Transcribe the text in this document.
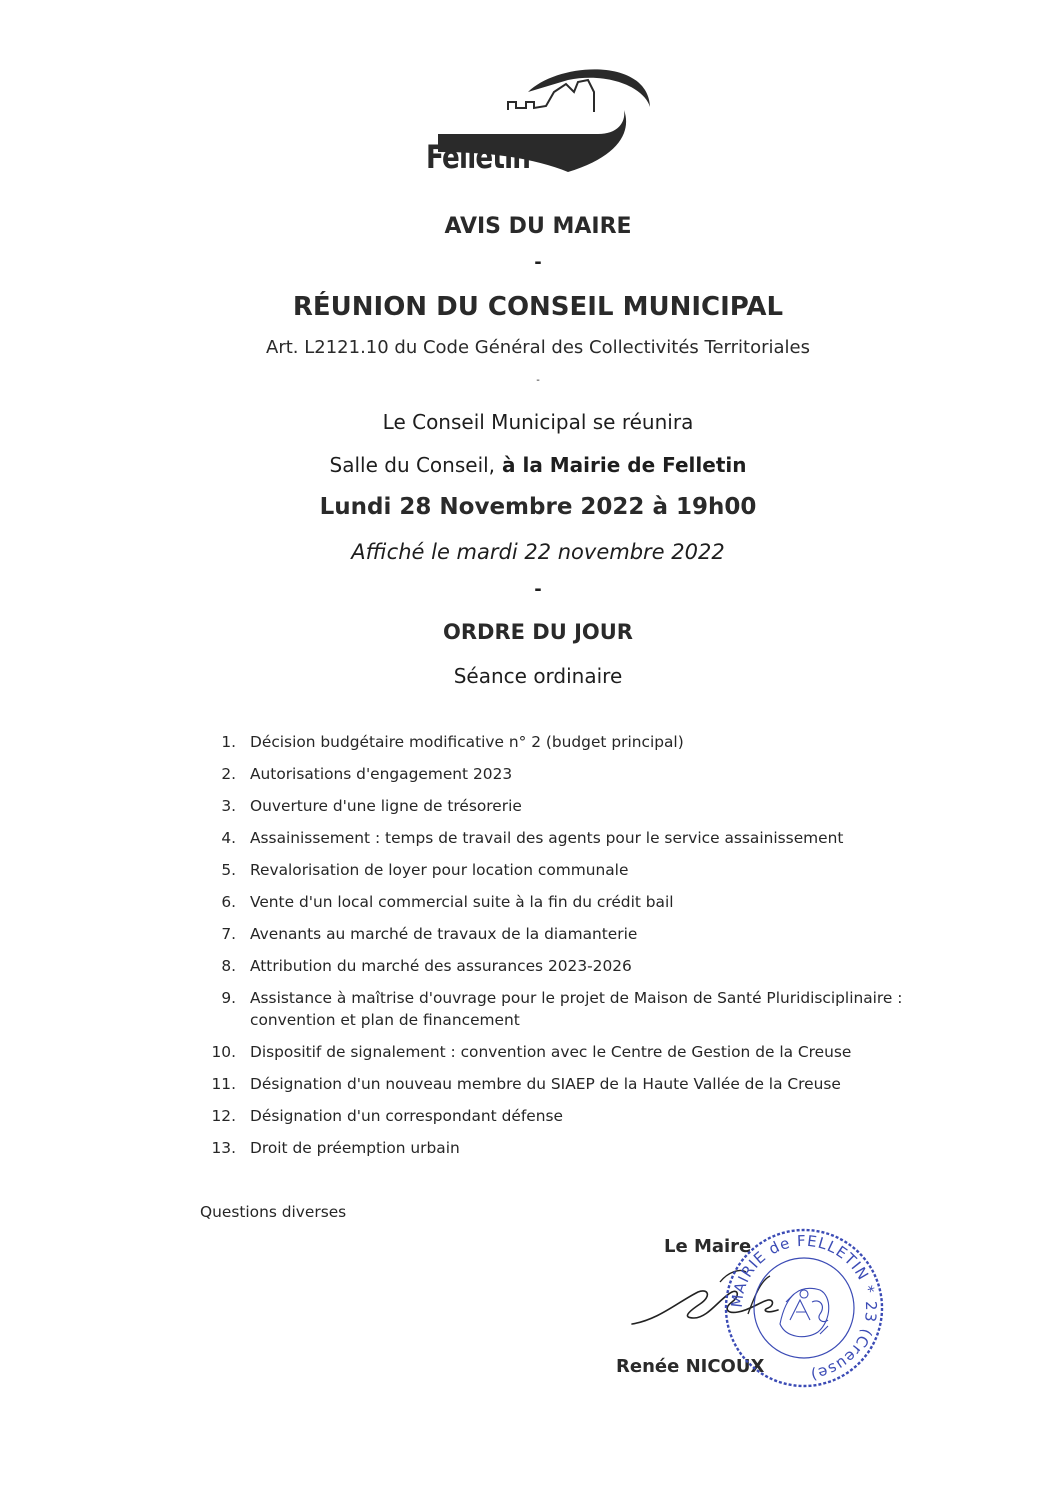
Felletin
AVIS DU MAIRE
-
RÉUNION DU CONSEIL MUNICIPAL
Art. L2121.10 du Code Général des Collectivités Territoriales
-
Le Conseil Municipal se réunira
Salle du Conseil, à la Mairie de Felletin
Lundi 28 Novembre 2022 à 19h00
Affiché le mardi 22 novembre 2022
-
ORDRE DU JOUR
Séance ordinaire
1. Décision budgétaire modificative n° 2 (budget principal)
2. Autorisations d'engagement 2023
3. Ouverture d'une ligne de trésorerie
4. Assainissement : temps de travail des agents pour le service assainissement
5. Revalorisation de loyer pour location communale
6. Vente d'un local commercial suite à la fin du crédit bail
7. Avenants au marché de travaux de la diamanterie
8. Attribution du marché des assurances 2023-2026
9. Assistance à maîtrise d'ouvrage pour le projet de Maison de Santé Pluridisciplinaire : convention et plan de financement
10. Dispositif de signalement : convention avec le Centre de Gestion de la Creuse
11. Désignation d'un nouveau membre du SIAEP de la Haute Vallée de la Creuse
12. Désignation d'un correspondant défense
13. Droit de préemption urbain
Questions diverses
Le Maire
Renée NICOUX
MAIRIE de FELLETIN * 23 (Creuse)
